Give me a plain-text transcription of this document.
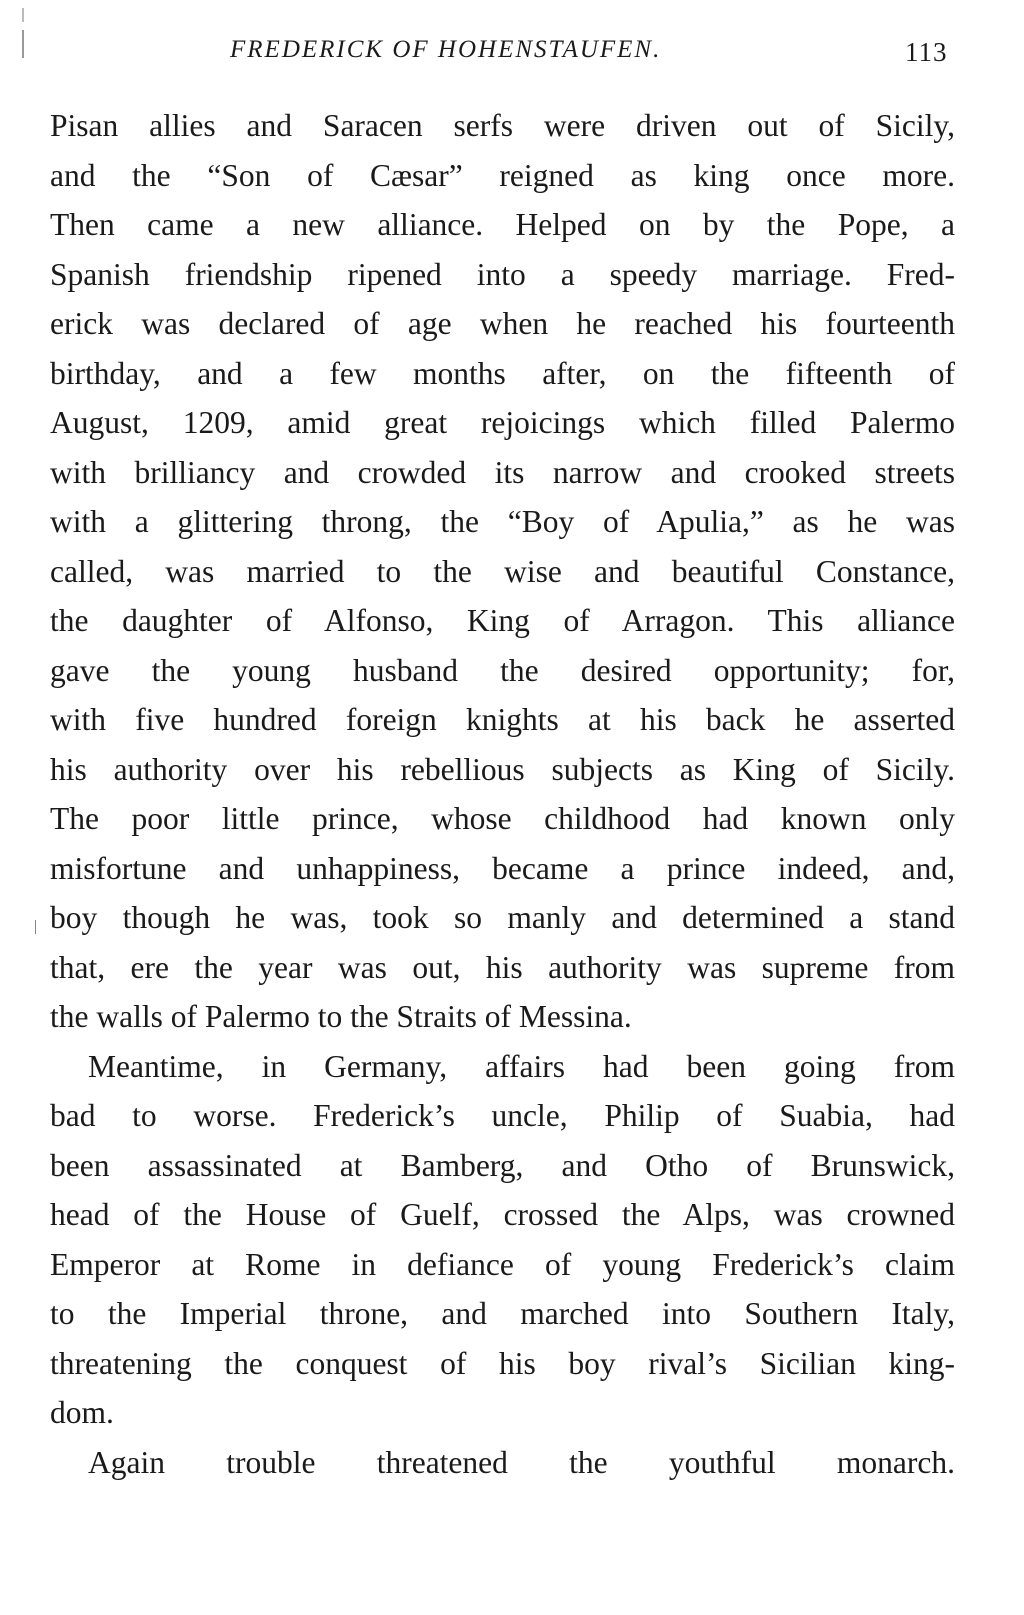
FREDERICK OF HOHENSTAUFEN.	113
Pisan allies and Saracen serfs were driven out of Sicily,
and the “Son of Cæsar” reigned as king once more.
Then came a new alliance. Helped on by the Pope, a
Spanish friendship ripened into a speedy marriage. Fred-
erick was declared of age when he reached his fourteenth
birthday, and a few months after, on the fifteenth of
August, 1209, amid great rejoicings which filled Palermo
with brilliancy and crowded its narrow and crooked streets
with a glittering throng, the “Boy of Apulia,” as he was
called, was married to the wise and beautiful Constance,
the daughter of Alfonso, King of Arragon. This alliance
gave the young husband the desired opportunity; for,
with five hundred foreign knights at his back he asserted
his authority over his rebellious subjects as King of Sicily.
The poor little prince, whose childhood had known only
misfortune and unhappiness, became a prince indeed, and,
boy though he was, took so manly and determined a stand
that, ere the year was out, his authority was supreme from
the walls of Palermo to the Straits of Messina.
Meantime, in Germany, affairs had been going from
bad to worse. Frederick’s uncle, Philip of Suabia, had
been assassinated at Bamberg, and Otho of Brunswick,
head of the House of Guelf, crossed the Alps, was crowned
Emperor at Rome in defiance of young Frederick’s claim
to the Imperial throne, and marched into Southern Italy,
threatening the conquest of his boy rival’s Sicilian king-
dom.
Again trouble threatened the youthful monarch.
